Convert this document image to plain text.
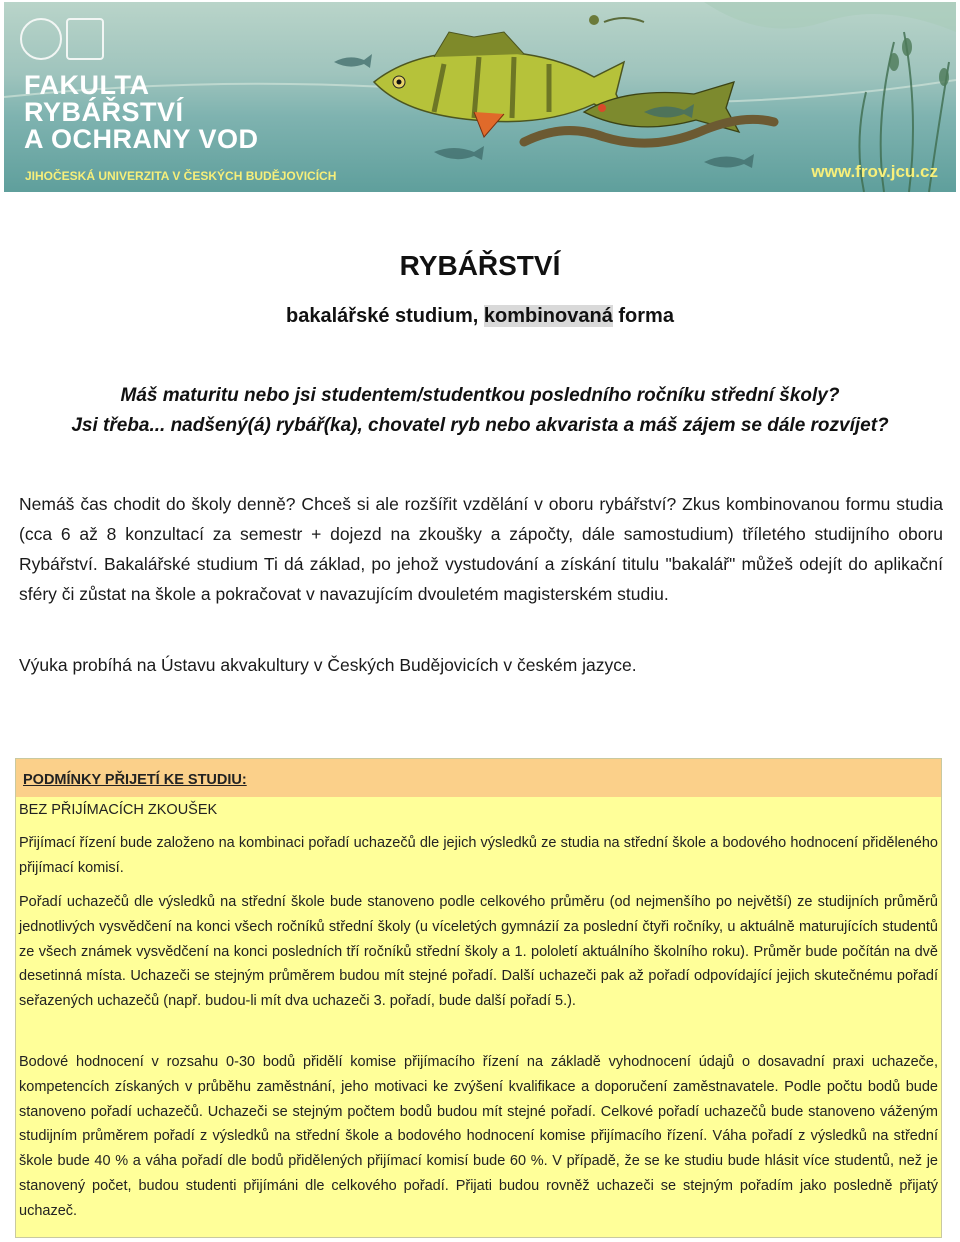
FAKULTA
RYBÁŘSTVÍ
A OCHRANY VOD
JIHOČESKÁ UNIVERZITA V ČESKÝCH BUDĚJOVICÍCH	www.frov.jcu.cz
RYBÁŘSTVÍ
bakalářské studium, kombinovaná forma
Máš maturitu nebo jsi studentem/studentkou posledního ročníku střední školy?
Jsi třeba... nadšený(á) rybář(ka), chovatel ryb nebo akvarista a máš zájem se dále rozvíjet?
Nemáš čas chodit do školy denně? Chceš si ale rozšířit vzdělání v oboru rybářství? Zkus kombinovanou formu studia (cca 6 až 8 konzultací za semestr + dojezd na zkoušky a zápočty, dále samostudium) tříletého studijního oboru Rybářství. Bakalářské studium Ti dá základ, po jehož vystudování a získání titulu "bakalář" můžeš odejít do aplikační sféry či zůstat na škole a pokračovat v navazujícím dvouletém magisterském studiu.
Výuka probíhá na Ústavu akvakultury v Českých Budějovicích v českém jazyce.
PODMÍNKY PŘIJETÍ KE STUDIU:
BEZ PŘIJÍMACÍCH ZKOUŠEK
Přijímací řízení bude založeno na kombinaci pořadí uchazečů dle jejich výsledků ze studia na střední škole a bodového hodnocení přiděleného přijímací komisí.
Pořadí uchazečů dle výsledků na střední škole bude stanoveno podle celkového průměru (od nejmenšího po největší) ze studijních průměrů jednotlivých vysvědčení na konci všech ročníků střední školy (u víceletých gymnázií za poslední čtyři ročníky, u aktuálně maturujících studentů ze všech známek vysvědčení na konci posledních tří ročníků střední školy a 1. pololetí aktuálního školního roku). Průměr bude počítán na dvě desetinná místa. Uchazeči se stejným průměrem budou mít stejné pořadí. Další uchazeči pak až pořadí odpovídající jejich skutečnému pořadí seřazených uchazečů (např. budou-li mít dva uchazeči 3. pořadí, bude další pořadí 5.).
Bodové hodnocení v rozsahu 0-30 bodů přidělí komise přijímacího řízení na základě vyhodnocení údajů o dosavadní praxi uchazeče, kompetencích získaných v průběhu zaměstnání, jeho motivaci ke zvýšení kvalifikace a doporučení zaměstnavatele. Podle počtu bodů bude stanoveno pořadí uchazečů. Uchazeči se stejným počtem bodů budou mít stejné pořadí. Celkové pořadí uchazečů bude stanoveno váženým studijním průměrem pořadí z výsledků na střední škole a bodového hodnocení komise přijímacího řízení. Váha pořadí z výsledků na střední škole bude 40 % a váha pořadí dle bodů přidělených přijímací komisí bude 60 %. V případě, že se ke studiu bude hlásit více studentů, než je stanovený počet, budou studenti přijímáni dle celkového pořadí. Přijati budou rovněž uchazeči se stejným pořadím jako posledně přijatý uchazeč.
